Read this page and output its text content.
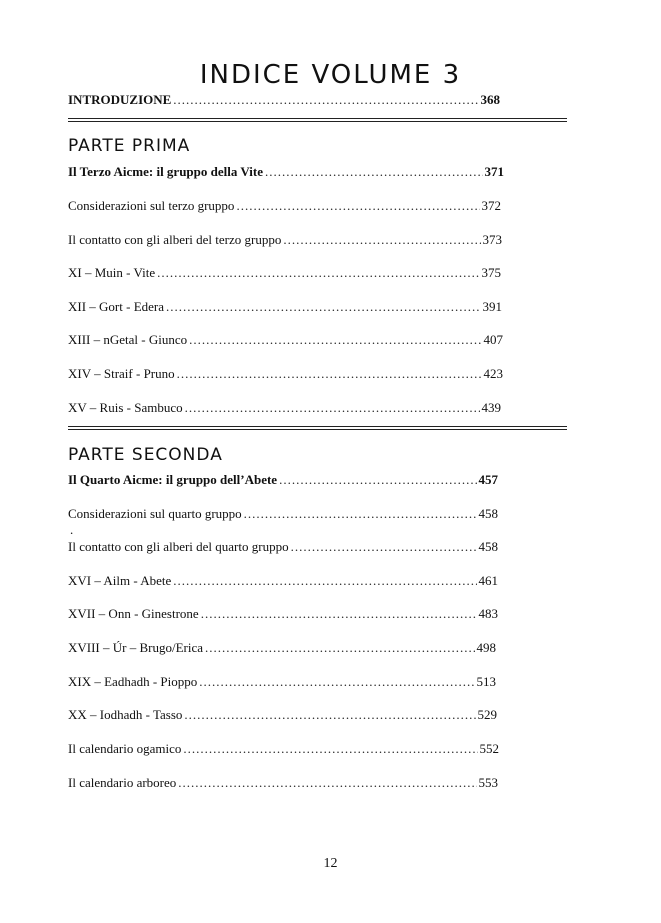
INDICE VOLUME 3
INTRODUZIONE .....	368
PARTE PRIMA
Il Terzo Aicme: il gruppo della Vite .....	371
Considerazioni sul terzo gruppo .....	372
Il contatto con gli alberi del terzo gruppo .....	373
XI – Muin - Vite .....	375
XII – Gort - Edera .....	391
XIII – nGetal - Giunco .....	407
XIV – Straif - Pruno .....	423
XV – Ruis - Sambuco .....	439
PARTE SECONDA
Il Quarto Aicme: il gruppo dell’Abete .....	457
Considerazioni sul quarto gruppo .....	458
.
Il contatto con gli alberi del quarto gruppo .....	458
XVI – Ailm - Abete .....	461
XVII – Onn - Ginestrone .....	483
XVIII – Úr – Brugo/Erica .....	498
XIX – Eadhadh - Pioppo .....	513
XX – Iodhadh - Tasso .....	529
Il calendario ogamico .....	552
Il calendario arboreo .....	553
12
